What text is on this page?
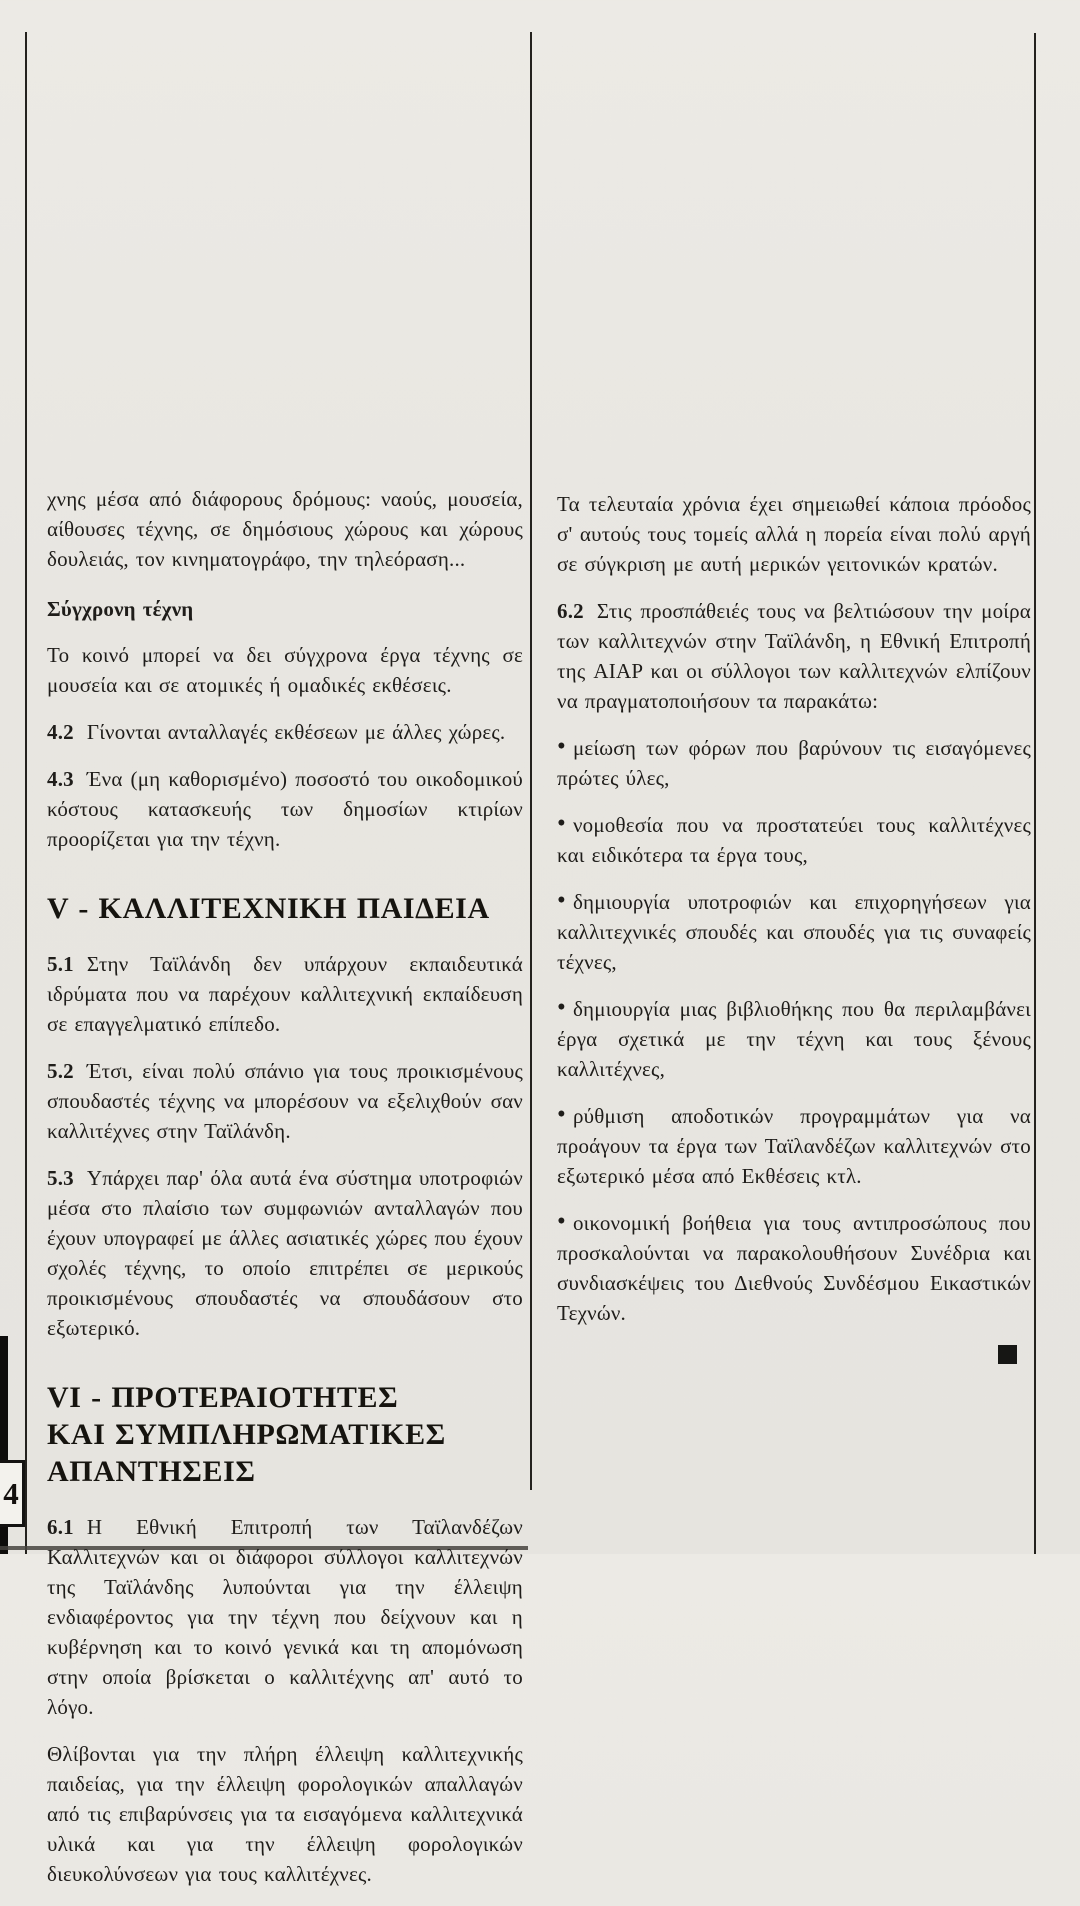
χνης μέσα από διάφορους δρόμους: ναούς, μουσεία, αίθουσες τέχνης, σε δημόσιους χώρους και χώρους δουλειάς, τον κινηματογράφο, την τηλεόραση...

Σύγχρονη τέχνη

Το κοινό μπορεί να δει σύγχρονα έργα τέχνης σε μουσεία και σε ατομικές ή ομαδικές εκθέσεις.

4.2 Γίνονται ανταλλαγές εκθέσεων με άλλες χώρες.

4.3 Ένα (μη καθορισμένο) ποσοστό του οικοδομικού κόστους κατασκευής των δημοσίων κτιρίων προορίζεται για την τέχνη.

V - ΚΑΛΛΙΤΕΧΝΙΚΗ ΠΑΙΔΕΙΑ

5.1 Στην Ταϊλάνδη δεν υπάρχουν εκπαιδευτικά ιδρύματα που να παρέχουν καλλιτεχνική εκπαίδευση σε επαγγελματικό επίπεδο.

5.2 Έτσι, είναι πολύ σπάνιο για τους προικισμένους σπουδαστές τέχνης να μπορέσουν να εξελιχθούν σαν καλλιτέχνες στην Ταϊλάνδη.

5.3 Υπάρχει παρ' όλα αυτά ένα σύστημα υποτροφιών μέσα στο πλαίσιο των συμφωνιών ανταλλαγών που έχουν υπογραφεί με άλλες ασιατικές χώρες που έχουν σχολές τέχνης, το οποίο επιτρέπει σε μερικούς προικισμένους σπουδαστές να σπουδάσουν στο εξωτερικό.

VI - ΠΡΟΤΕΡΑΙΟΤΗΤΕΣ
ΚΑΙ ΣΥΜΠΛΗΡΩΜΑΤΙΚΕΣ
ΑΠΑΝΤΗΣΕΙΣ

6.1 Η Εθνική Επιτροπή των Ταϊλανδέζων Καλλιτεχνών και οι διάφοροι σύλλογοι καλλιτεχνών της Ταϊλάνδης λυπούνται για την έλλειψη ενδιαφέροντος για την τέχνη που δείχνουν και η κυβέρνηση και το κοινό γενικά και τη απομόνωση στην οποία βρίσκεται ο καλλιτέχνης απ' αυτό το λόγο.

Θλίβονται για την πλήρη έλλειψη καλλιτεχνικής παιδείας, για την έλλειψη φορολογικών απαλλαγών από τις επιβαρύνσεις για τα εισαγόμενα καλλιτεχνικά υλικά και για την έλλειψη φορολογικών διευκολύνσεων για τους καλλιτέχνες.

Τα τελευταία χρόνια έχει σημειωθεί κάποια πρόοδος σ' αυτούς τους τομείς αλλά η πορεία είναι πολύ αργή σε σύγκριση με αυτή μερικών γειτονικών κρατών.

6.2 Στις προσπάθειές τους να βελτιώσουν την μοίρα των καλλιτεχνών στην Ταϊλάνδη, η Εθνική Επιτροπή της AIAP και οι σύλλογοι των καλλιτεχνών ελπίζουν να πραγματοποιήσουν τα παρακάτω:

• μείωση των φόρων που βαρύνουν τις εισαγόμενες πρώτες ύλες,

• νομοθεσία που να προστατεύει τους καλλιτέχνες και ειδικότερα τα έργα τους,

• δημιουργία υποτροφιών και επιχορηγήσεων για καλλιτεχνικές σπουδές και σπουδές για τις συναφείς τέχνες,

• δημιουργία μιας βιβλιοθήκης που θα περιλαμβάνει έργα σχετικά με την τέχνη και τους ξένους καλλιτέχνες,

• ρύθμιση αποδοτικών προγραμμάτων για να προάγουν τα έργα των Ταϊλανδέζων καλλιτεχνών στο εξωτερικό μέσα από Εκθέσεις κτλ.

• οικονομική βοήθεια για τους αντιπροσώπους που προσκαλούνται να παρακολουθήσουν Συνέδρια και συνδιασκέψεις του Διεθνούς Συνδέσμου Εικαστικών Τεχνών.

4
